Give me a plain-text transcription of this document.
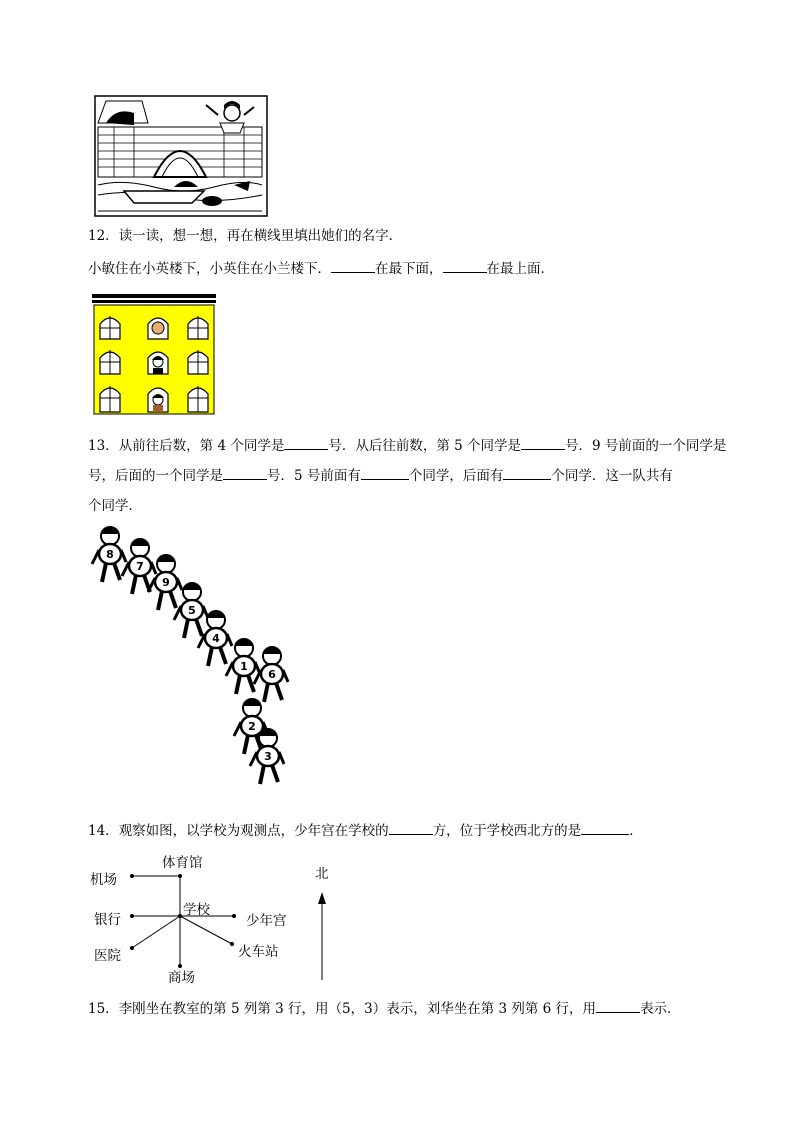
12．读一读，想一想，再在横线里填出她们的名字．
小敏住在小英楼下，小英住在小兰楼下．	在最下面，	在最上面．
13．从前往后数，第 4 个同学是	号．从后往前数，第 5 个同学是	号．9 号前面的一个同学是
号，后面的一个同学是	号．5 号前面有	个同学，后面有	个同学．这一队共有
个同学．
8
7
9
5
4
1
6
2
3
14．观察如图，以学校为观测点，少年宫在学校的	方，位于学校西北方的是	．
体育馆
机场
银行
学校
少年宫
医院	火车站
商场
北
15．李刚坐在教室的第 5 列第 3 行，用（5，3）表示，刘华坐在第 3 列第 6 行，用	表示．
